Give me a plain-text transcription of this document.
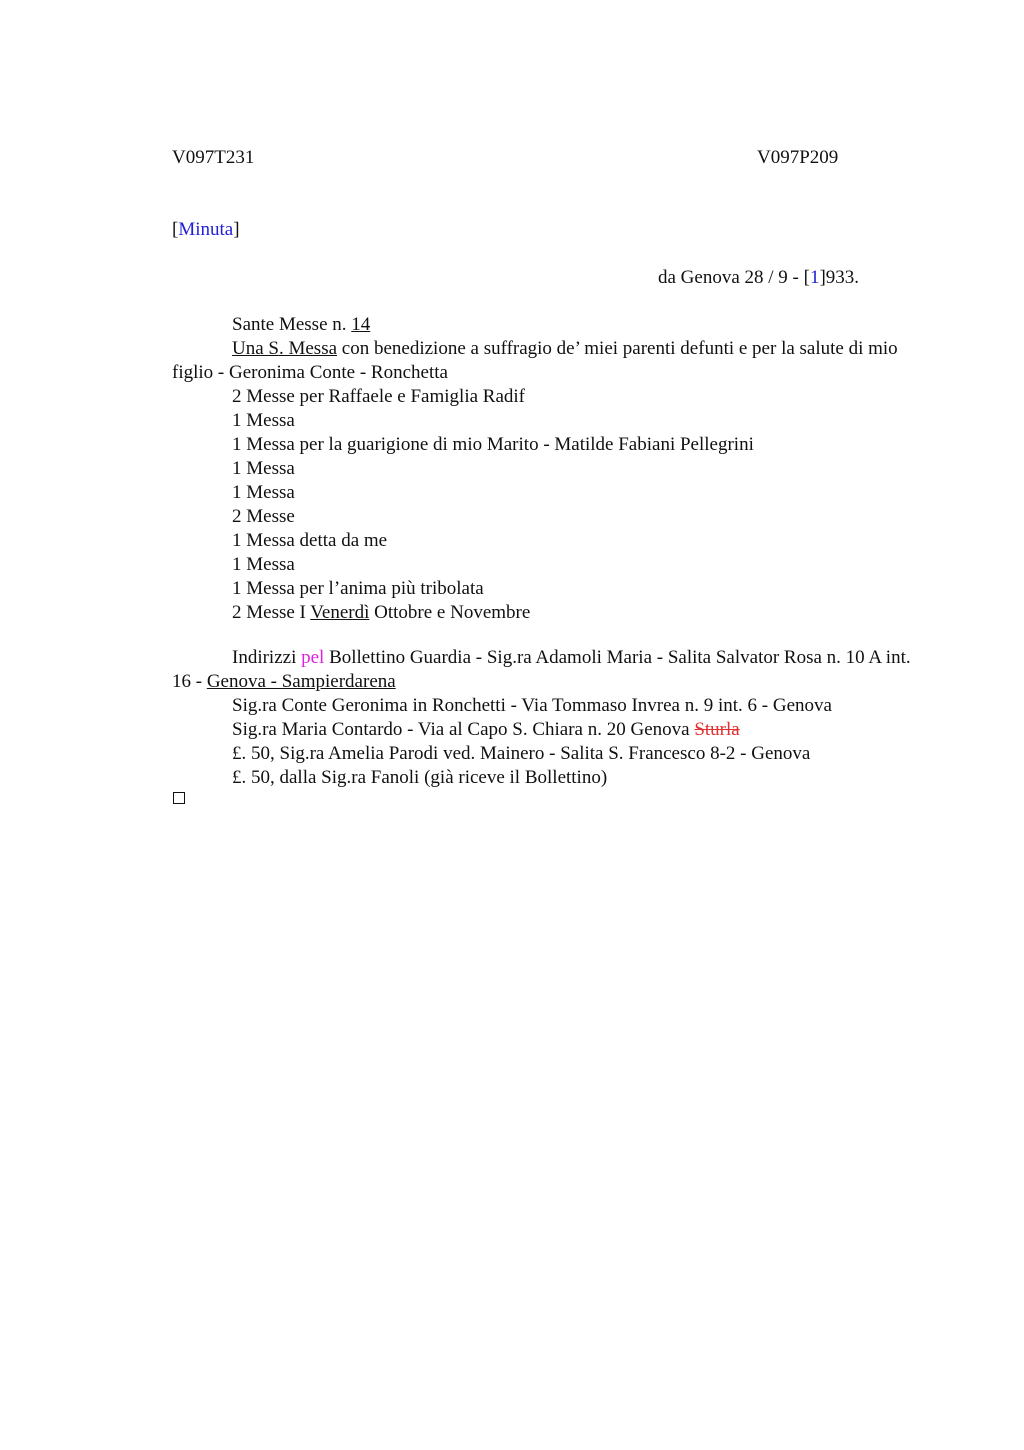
V097T231	V097P209
[Minuta]
da Genova 28 / 9 - [1]933.

Sante Messe n. 14

Una S. Messa con benedizione a suffragio de’ miei parenti defunti e per la salute di mio figlio - Geronima Conte - Ronchetta

2 Messe per Raffaele e Famiglia Radif

1 Messa

1 Messa per la guarigione di mio Marito - Matilde Fabiani Pellegrini

1 Messa

1 Messa

2 Messe

1 Messa detta da me

1 Messa

1 Messa per l’anima più tribolata

2 Messe I Venerdì Ottobre e Novembre

Indirizzi pel Bollettino Guardia - Sig.ra Adamoli Maria - Salita Salvator Rosa n. 10 A int. 16 - Genova - Sampierdarena

Sig.ra Conte Geronima in Ronchetti - Via Tommaso Invrea n. 9 int. 6 - Genova

Sig.ra Maria Contardo - Via al Capo S. Chiara n. 20 Genova Sturla

£. 50, Sig.ra Amelia Parodi ved. Mainero - Salita S. Francesco 8-2 - Genova

£. 50, dalla Sig.ra Fanoli (già riceve il Bollettino)
